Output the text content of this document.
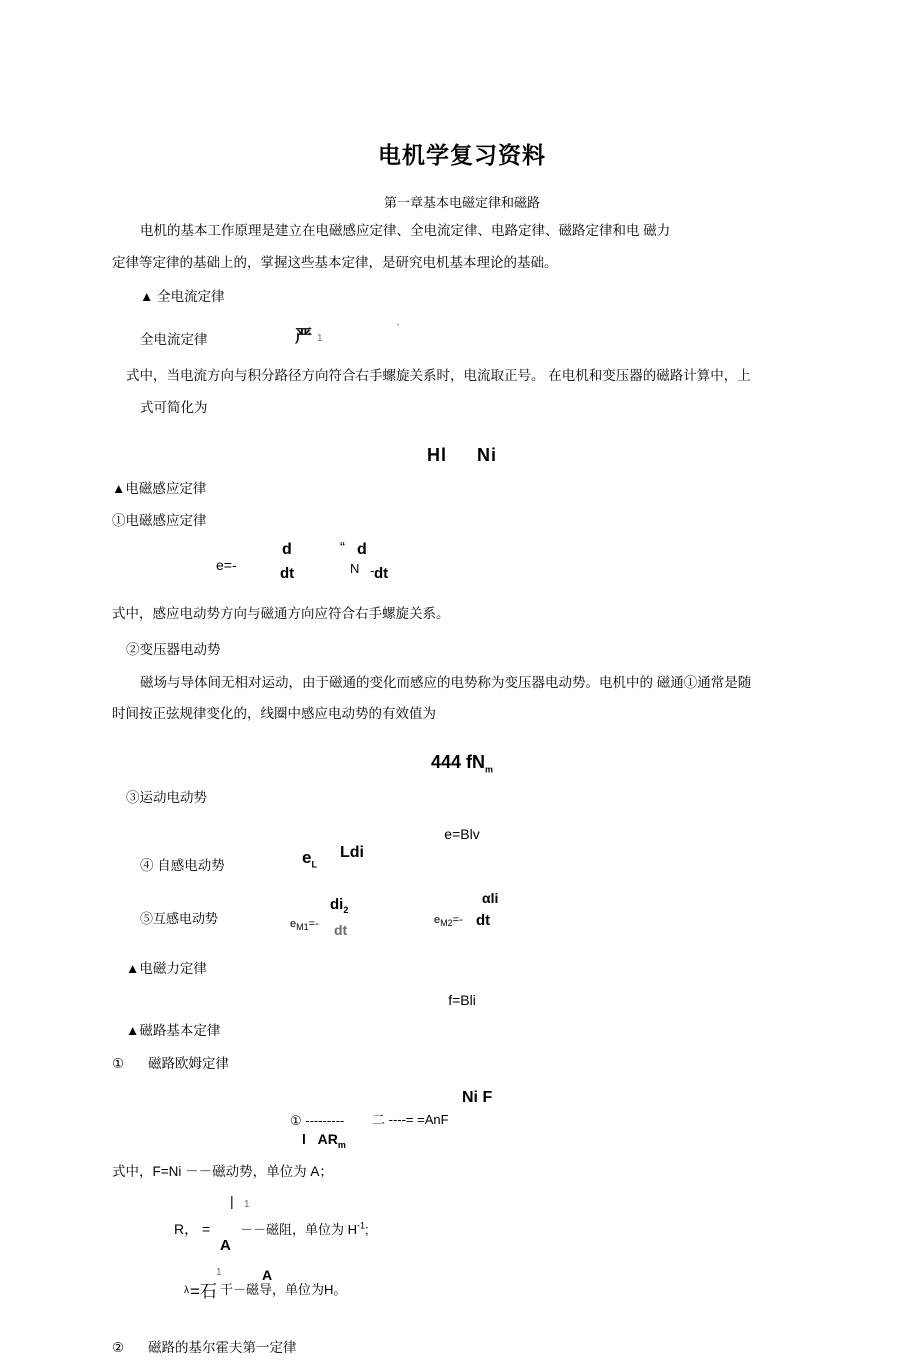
电机学复习资料
第一章基本电磁定律和磁路

电机的基本工作原理是建立在电磁感应定律、全电流定律、电路定律、磁路定律和电 磁力

定律等定律的基础上的，掌握这些基本定律，是研究电机基本理论的基础。

▲ 全电流定律
全电流定律	严 1
'

式中，当电流方向与积分路径方向符合右手螺旋关系时，电流取正号。 在电机和变压器的磁路计算中，上

式可简化为

Hl Ni
▲电磁感应定律
①电磁感应定律
e=-
d
dt
“ d
N - dt
式中，感应电动势方向与磁通方向应符合右手螺旋关系。
②变压器电动势

磁场与导体间无相对运动，由于磁通的变化而感应的电势称为变压器电动势。电机中的 磁通①通常是随

时间按正弦规律变化的，线圈中感应电动势的有效值为

444 $fN_m$
③运动电动势
e=Blv
④ 自感电动势	$e_L$
Ldi
⑤互感电动势	$e_{M1}=-$
$di_2$
dt
$e_{M2}=-$
αli
dt
▲电磁力定律
f=Bli
▲磁路基本定律
① 磁路欧姆定律
Ni F
① --------- 二 ----= =AnF
l $AR_m$
式中，F=Ni －－磁动势，单位为 A；
| 1
R， = －－磁阻，单位为 $H^{-1}$;
A
λ =石
1	A
干－磁导，单位为H。
② 磁路的基尔霍夫第一定律
